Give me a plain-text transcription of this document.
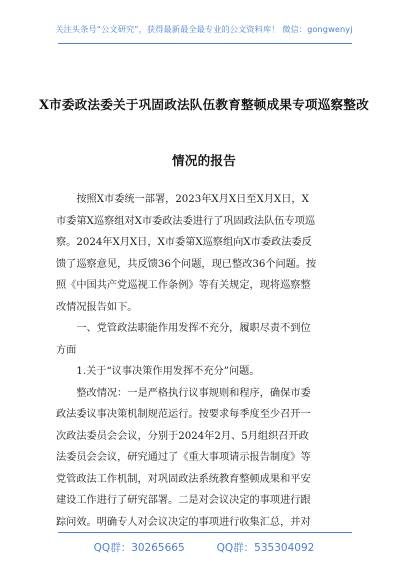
关注头条号“公文研究”，获得最新最全最专业的公文资料库！ 微信：gongwenyj
X市委政法委关于巩固政法队伍教育整顿成果专项巡察整改
情况的报告
　　按照X市委统一部署，2023年X月X日至X月X日，X
市委第X巡察组对X市委政法委进行了巩固政法队伍专项巡
察。2024年X月X日，X市委第X巡察组向X市委政法委反
馈了巡察意见，共反馈36个问题，现已整改36个问题。按
照《中国共产党巡视工作条例》等有关规定，现将巡察整
改情况报告如下。
　　一、党管政法职能作用发挥不充分，履职尽责不到位
方面
　　1.关于“议事决策作用发挥不充分”问题。
　　整改情况：一是严格执行议事规则和程序，确保市委
政法委议事决策机制规范运行。按要求每季度至少召开一
次政法委员会会议，分别于2024年2月、5月组织召开政
法委员会会议，研究通过了《重大事项请示报告制度》等
党管政法工作机制，对巩固政法系统教育整顿成果和平安
建设工作进行了研究部署。二是对会议决定的事项进行跟
踪问效。明确专人对会议决定的事项进行收集汇总，并对
QQ群：30265665	QQ群：535304092
